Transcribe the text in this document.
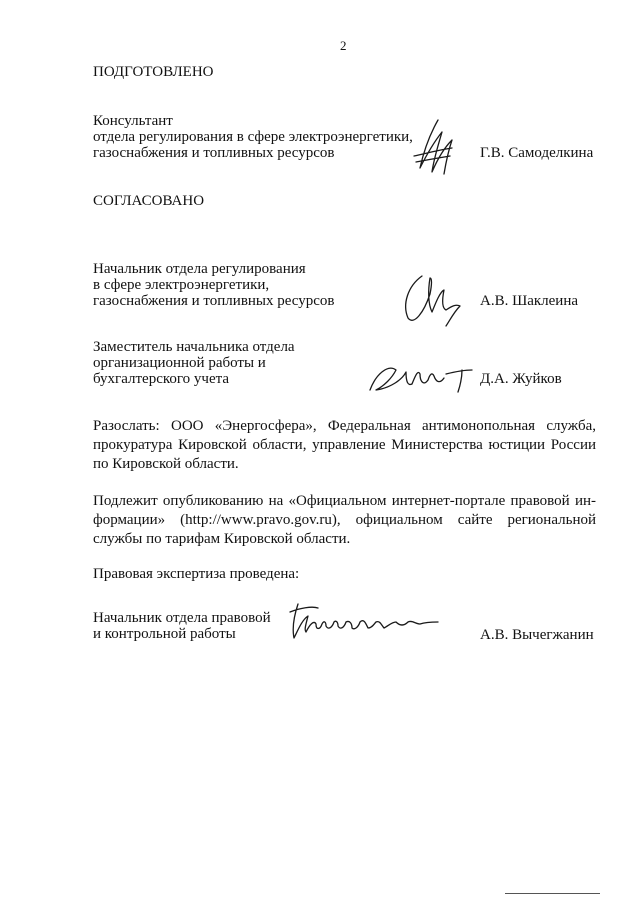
2
ПОДГОТОВЛЕНО
Консультант
отдела регулирования в сфере электроэнергетики,
газоснабжения и топливных ресурсов	Г.В. Самоделкина
СОГЛАСОВАНО
Начальник отдела регулирования
в сфере электроэнергетики,
газоснабжения и топливных ресурсов	А.В. Шаклеина
Заместитель начальника отдела
организационной работы и
бухгалтерского учета	Д.А. Жуйков
Разослать: ООО «Энергосфера», Федеральная антимонопольная служба,
прокуратура Кировской области, управление Министерства юстиции России
по Кировской области.
Подлежит опубликованию на «Официальном интернет-портале правовой ин-
формации» (http://www.pravo.gov.ru), официальном сайте региональной
службы по тарифам Кировской области.
Правовая экспертиза проведена:
Начальник отдела правовой
и контрольной работы	А.В. Вычегжанин
